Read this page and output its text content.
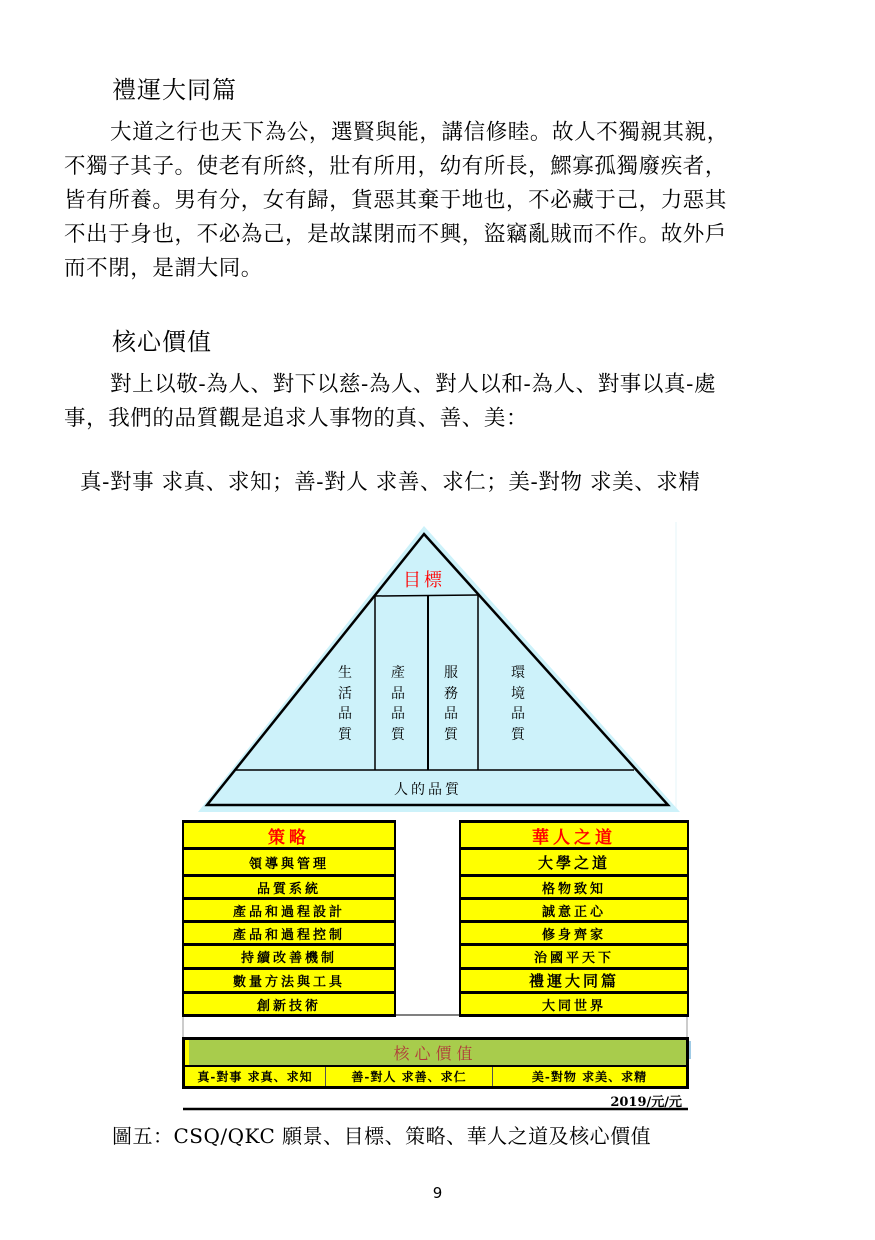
禮運大同篇
大道之行也天下為公，選賢與能，講信修睦。故人不獨親其親，
不獨子其子。使老有所終，壯有所用，幼有所長，鰥寡孤獨廢疾者，
皆有所養。男有分，女有歸，貨惡其棄于地也，不必藏于己，力惡其
不出于身也，不必為己，是故謀閉而不興，盜竊亂賊而不作。故外戶
而不閉，是謂大同。
核心價值
對上以敬-為人、對下以慈-為人、對人以和-為人、對事以真-處
事，我們的品質觀是追求人事物的真、善、美：
真-對事 求真、求知；善-對人 求善、求仁；美-對物 求美、求精
目標
人的品質
生活品質
產品品質
服務品質
環境品質
策略
領導與管理
品質系統
產品和過程設計
產品和過程控制
持續改善機制
數量方法與工具
創新技術
華人之道
大學之道
格物致知
誠意正心
修身齊家
治國平天下
禮運大同篇
大同世界
核心價值
真-對事 求真、求知	善-對人 求善、求仁	美-對物 求美、求精
2019/元/元
圖五：CSQ/QKC 願景、目標、策略、華人之道及核心價值
9
